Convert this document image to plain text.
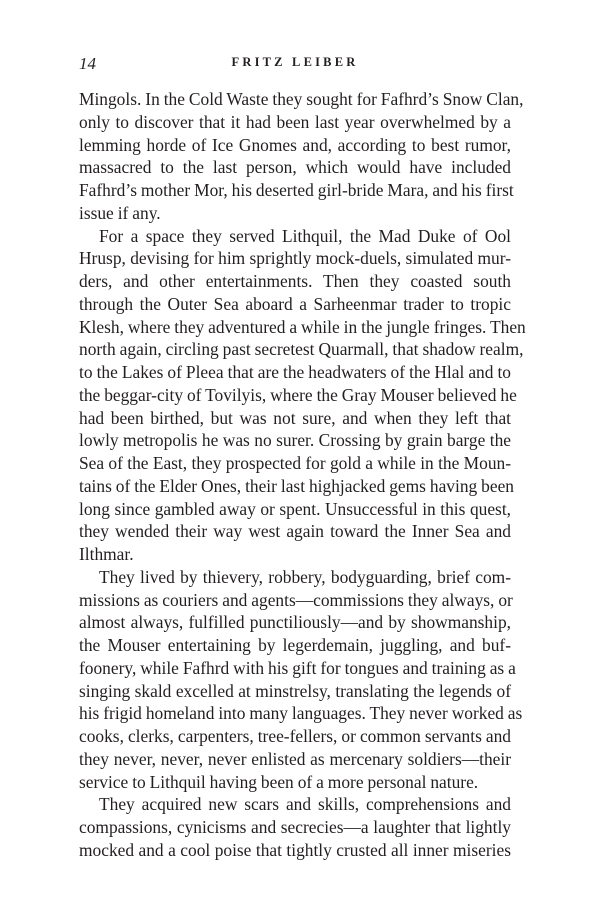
14	FRITZ LEIBER

Mingols. In the Cold Waste they sought for Fafhrd’s Snow Clan,
only to discover that it had been last year overwhelmed by a
lemming horde of Ice Gnomes and, according to best rumor,
massacred to the last person, which would have included
Fafhrd’s mother Mor, his deserted girl-bride Mara, and his first
issue if any.

For a space they served Lithquil, the Mad Duke of Ool
Hrusp, devising for him sprightly mock-duels, simulated mur-
ders, and other entertainments. Then they coasted south
through the Outer Sea aboard a Sarheenmar trader to tropic
Klesh, where they adventured a while in the jungle fringes. Then
north again, circling past secretest Quarmall, that shadow realm,
to the Lakes of Pleea that are the headwaters of the Hlal and to
the beggar-city of Tovilyis, where the Gray Mouser believed he
had been birthed, but was not sure, and when they left that
lowly metropolis he was no surer. Crossing by grain barge the
Sea of the East, they prospected for gold a while in the Moun-
tains of the Elder Ones, their last highjacked gems having been
long since gambled away or spent. Unsuccessful in this quest,
they wended their way west again toward the Inner Sea and
Ilthmar.

They lived by thievery, robbery, bodyguarding, brief com-
missions as couriers and agents—commissions they always, or
almost always, fulfilled punctiliously—and by showmanship,
the Mouser entertaining by legerdemain, juggling, and buf-
foonery, while Fafhrd with his gift for tongues and training as a
singing skald excelled at minstrelsy, translating the legends of
his frigid homeland into many languages. They never worked as
cooks, clerks, carpenters, tree-fellers, or common servants and
they never, never, never enlisted as mercenary soldiers—their
service to Lithquil having been of a more personal nature.

They acquired new scars and skills, comprehensions and
compassions, cynicisms and secrecies—a laughter that lightly
mocked and a cool poise that tightly crusted all inner miseries
